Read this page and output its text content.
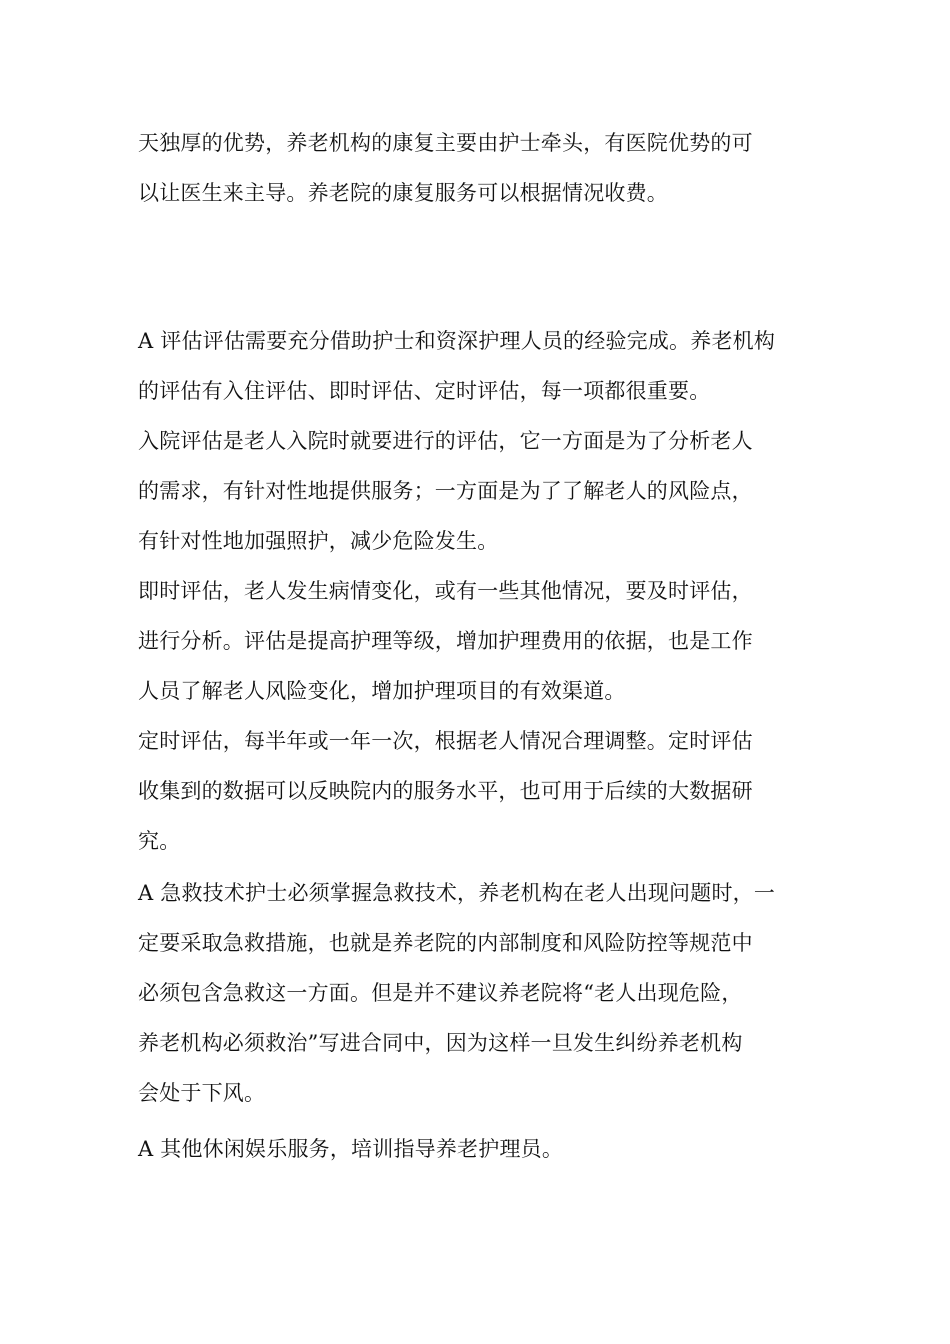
天独厚的优势，养老机构的康复主要由护士牵头，有医院优势的可
以让医生来主导。养老院的康复服务可以根据情况收费。
A 评估评估需要充分借助护士和资深护理人员的经验完成。养老机构
的评估有入住评估、即时评估、定时评估，每一项都很重要。
入院评估是老人入院时就要进行的评估，它一方面是为了分析老人
的需求，有针对性地提供服务；一方面是为了了解老人的风险点，
有针对性地加强照护，减少危险发生。
即时评估，老人发生病情变化，或有一些其他情况，要及时评估，
进行分析。评估是提高护理等级，增加护理费用的依据，也是工作
人员了解老人风险变化，增加护理项目的有效渠道。
定时评估，每半年或一年一次，根据老人情况合理调整。定时评估
收集到的数据可以反映院内的服务水平，也可用于后续的大数据研
究。
A 急救技术护士必须掌握急救技术，养老机构在老人出现问题时，一
定要采取急救措施，也就是养老院的内部制度和风险防控等规范中
必须包含急救这一方面。但是并不建议养老院将“老人出现危险，
养老机构必须救治”写进合同中，因为这样一旦发生纠纷养老机构
会处于下风。
A 其他休闲娱乐服务，培训指导养老护理员。
